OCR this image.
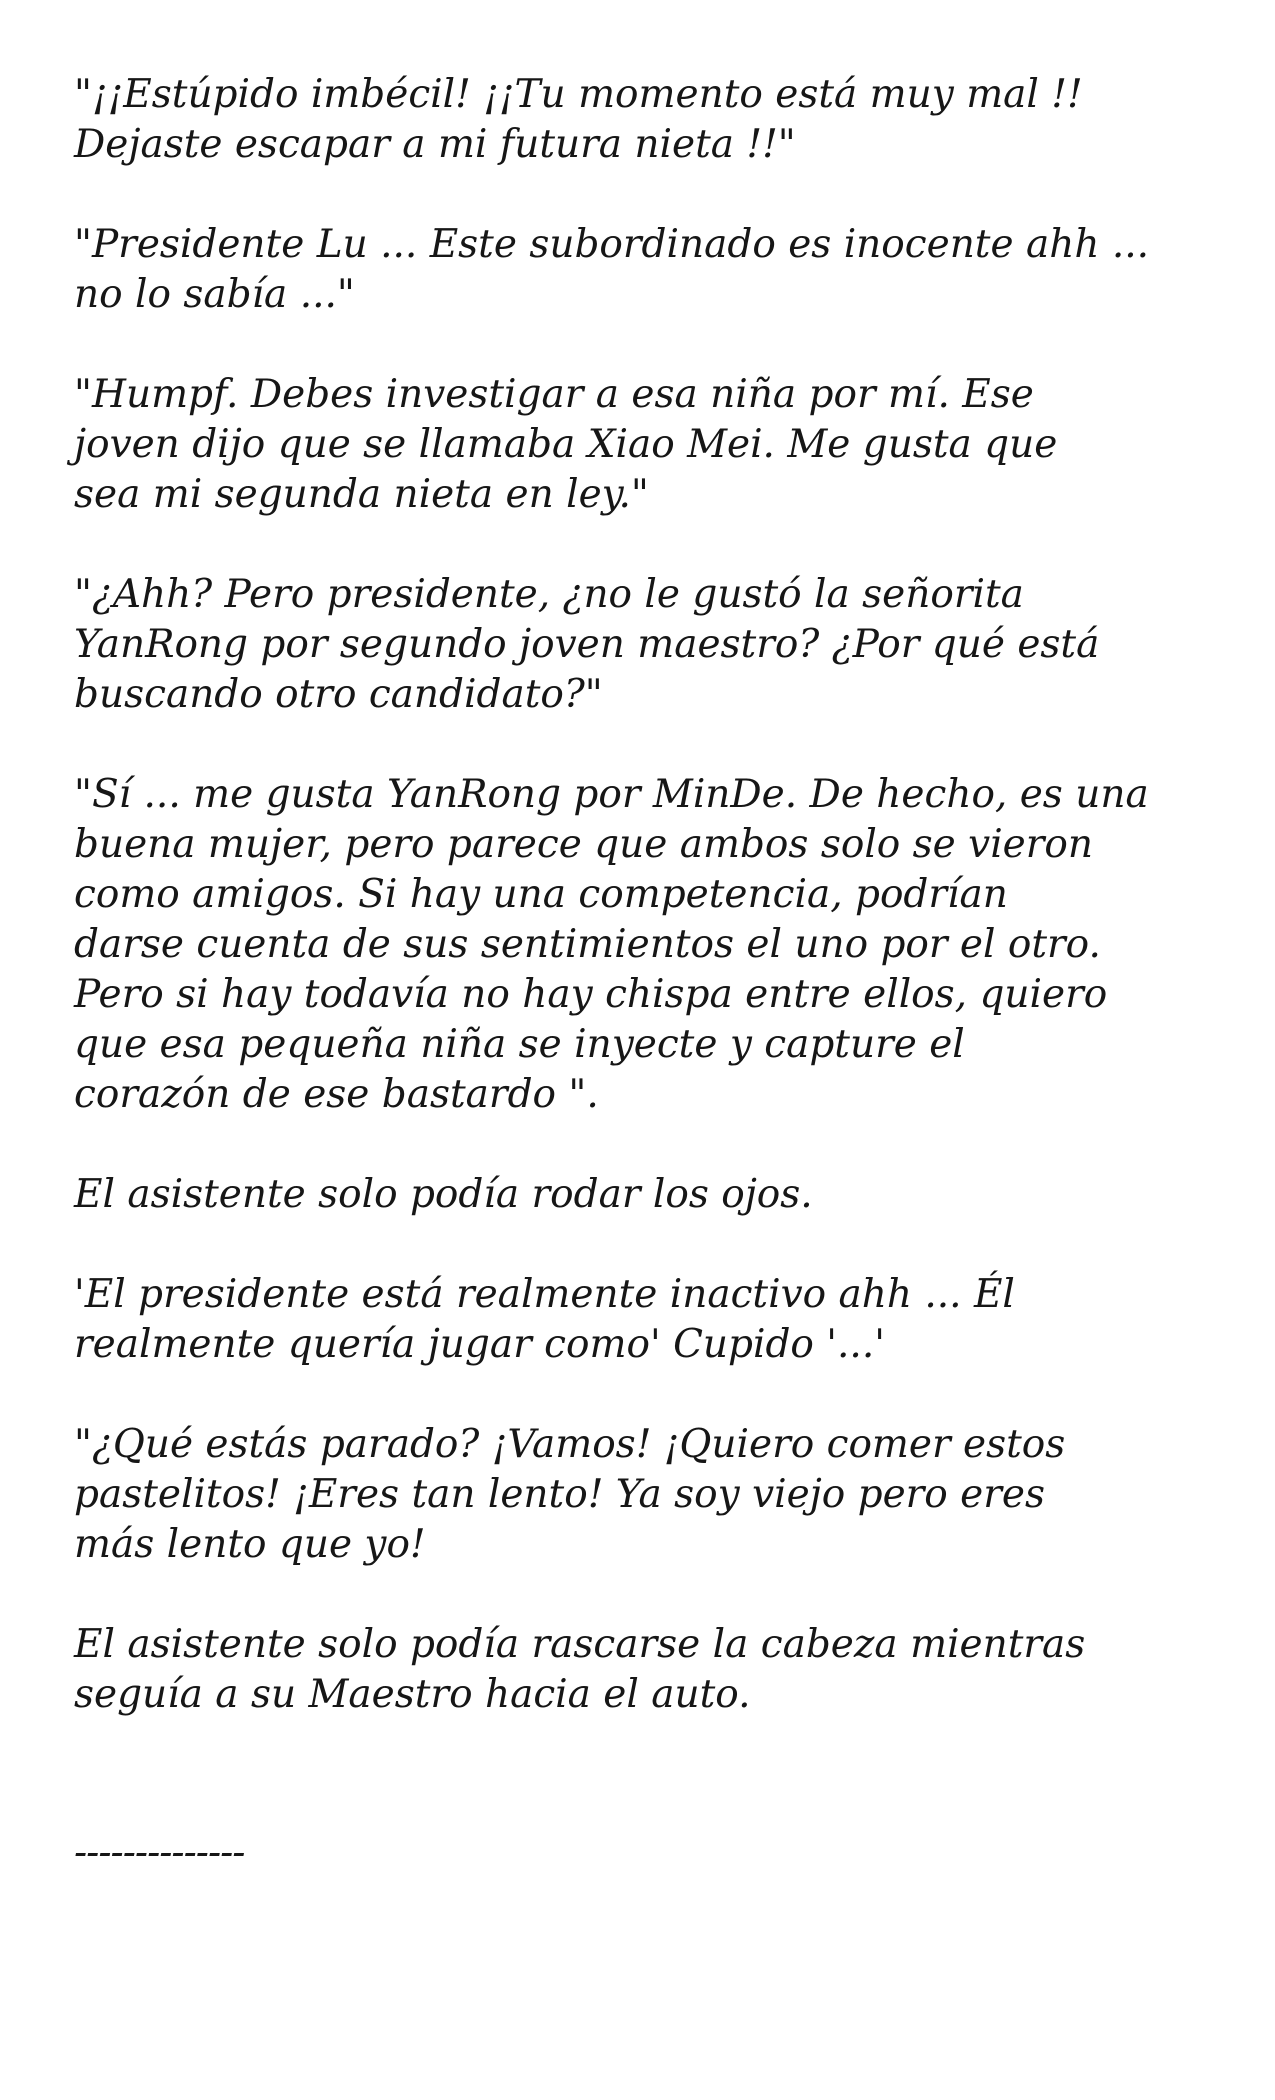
"¡¡Estúpido imbécil! ¡¡Tu momento está muy mal !!
Dejaste escapar a mi futura nieta !!"

"Presidente Lu ... Este subordinado es inocente ahh ...
no lo sabía ..."

"Humpf. Debes investigar a esa niña por mí. Ese
joven dijo que se llamaba Xiao Mei. Me gusta que
sea mi segunda nieta en ley."

"¿Ahh? Pero presidente, ¿no le gustó la señorita
YanRong por segundo joven maestro? ¿Por qué está
buscando otro candidato?"

"Sí ... me gusta YanRong por MinDe. De hecho, es una
buena mujer, pero parece que ambos solo se vieron
como amigos. Si hay una competencia, podrían
darse cuenta de sus sentimientos el uno por el otro.
Pero si hay todavía no hay chispa entre ellos, quiero
que esa pequeña niña se inyecte y capture el
corazón de ese bastardo ".

El asistente solo podía rodar los ojos.

'El presidente está realmente inactivo ahh ... Él
realmente quería jugar como' Cupido '...'

"¿Qué estás parado? ¡Vamos! ¡Quiero comer estos
pastelitos! ¡Eres tan lento! Ya soy viejo pero eres
más lento que yo!

El asistente solo podía rascarse la cabeza mientras
seguía a su Maestro hacia el auto.

--------------
